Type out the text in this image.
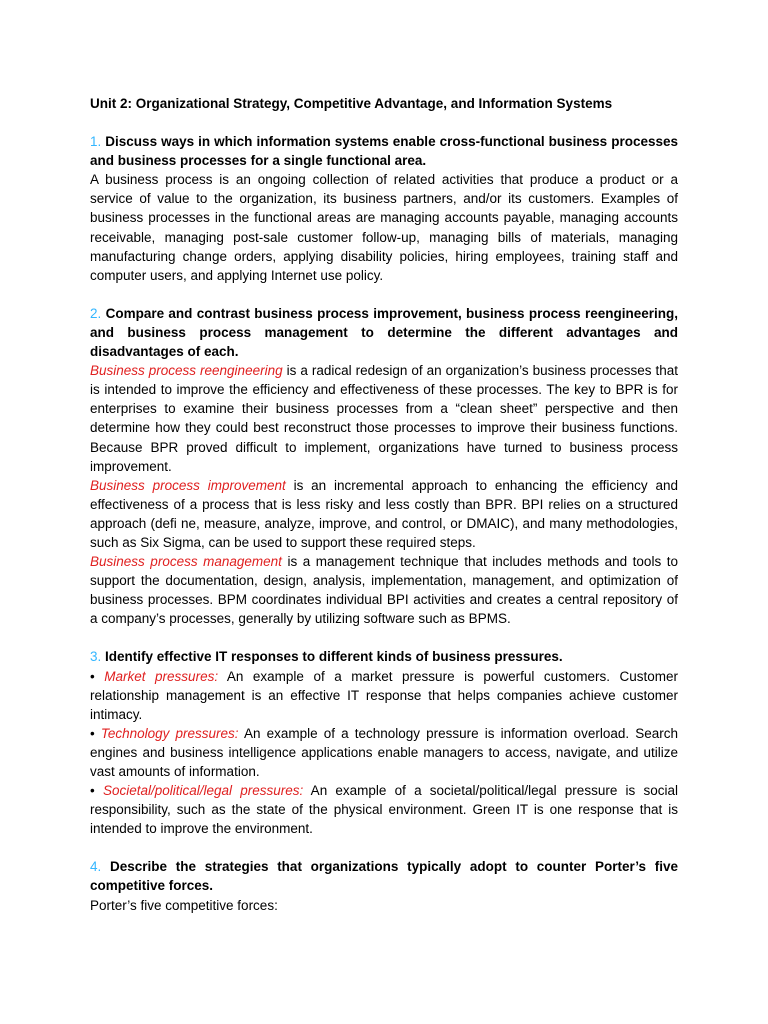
Unit 2: Organizational Strategy, Competitive Advantage, and Information Systems

1. Discuss ways in which information systems enable cross-functional business processes and business processes for a single functional area.

A business process is an ongoing collection of related activities that produce a product or a service of value to the organization, its business partners, and/or its customers. Examples of business processes in the functional areas are managing accounts payable, managing accounts receivable, managing post-sale customer follow-up, managing bills of materials, managing manufacturing change orders, applying disability policies, hiring employees, training staff and computer users, and applying Internet use policy.

2. Compare and contrast business process improvement, business process reengineering, and business process management to determine the different advantages and disadvantages of each.

Business process reengineering is a radical redesign of an organization’s business processes that is intended to improve the efficiency and effectiveness of these processes. The key to BPR is for enterprises to examine their business processes from a “clean sheet” perspective and then determine how they could best reconstruct those processes to improve their business functions. Because BPR proved difficult to implement, organizations have turned to business process improvement.

Business process improvement is an incremental approach to enhancing the efficiency and effectiveness of a process that is less risky and less costly than BPR. BPI relies on a structured approach (defi ne, measure, analyze, improve, and control, or DMAIC), and many methodologies, such as Six Sigma, can be used to support these required steps.

Business process management is a management technique that includes methods and tools to support the documentation, design, analysis, implementation, management, and optimization of business processes. BPM coordinates individual BPI activities and creates a central repository of a company’s processes, generally by utilizing software such as BPMS.

3. Identify effective IT responses to different kinds of business pressures.

• Market pressures: An example of a market pressure is powerful customers. Customer relationship management is an effective IT response that helps companies achieve customer intimacy.

• Technology pressures: An example of a technology pressure is information overload. Search engines and business intelligence applications enable managers to access, navigate, and utilize vast amounts of information.

• Societal/political/legal pressures: An example of a societal/political/legal pressure is social responsibility, such as the state of the physical environment. Green IT is one response that is intended to improve the environment.

4. Describe the strategies that organizations typically adopt to counter Porter’s five competitive forces.

Porter’s five competitive forces:
